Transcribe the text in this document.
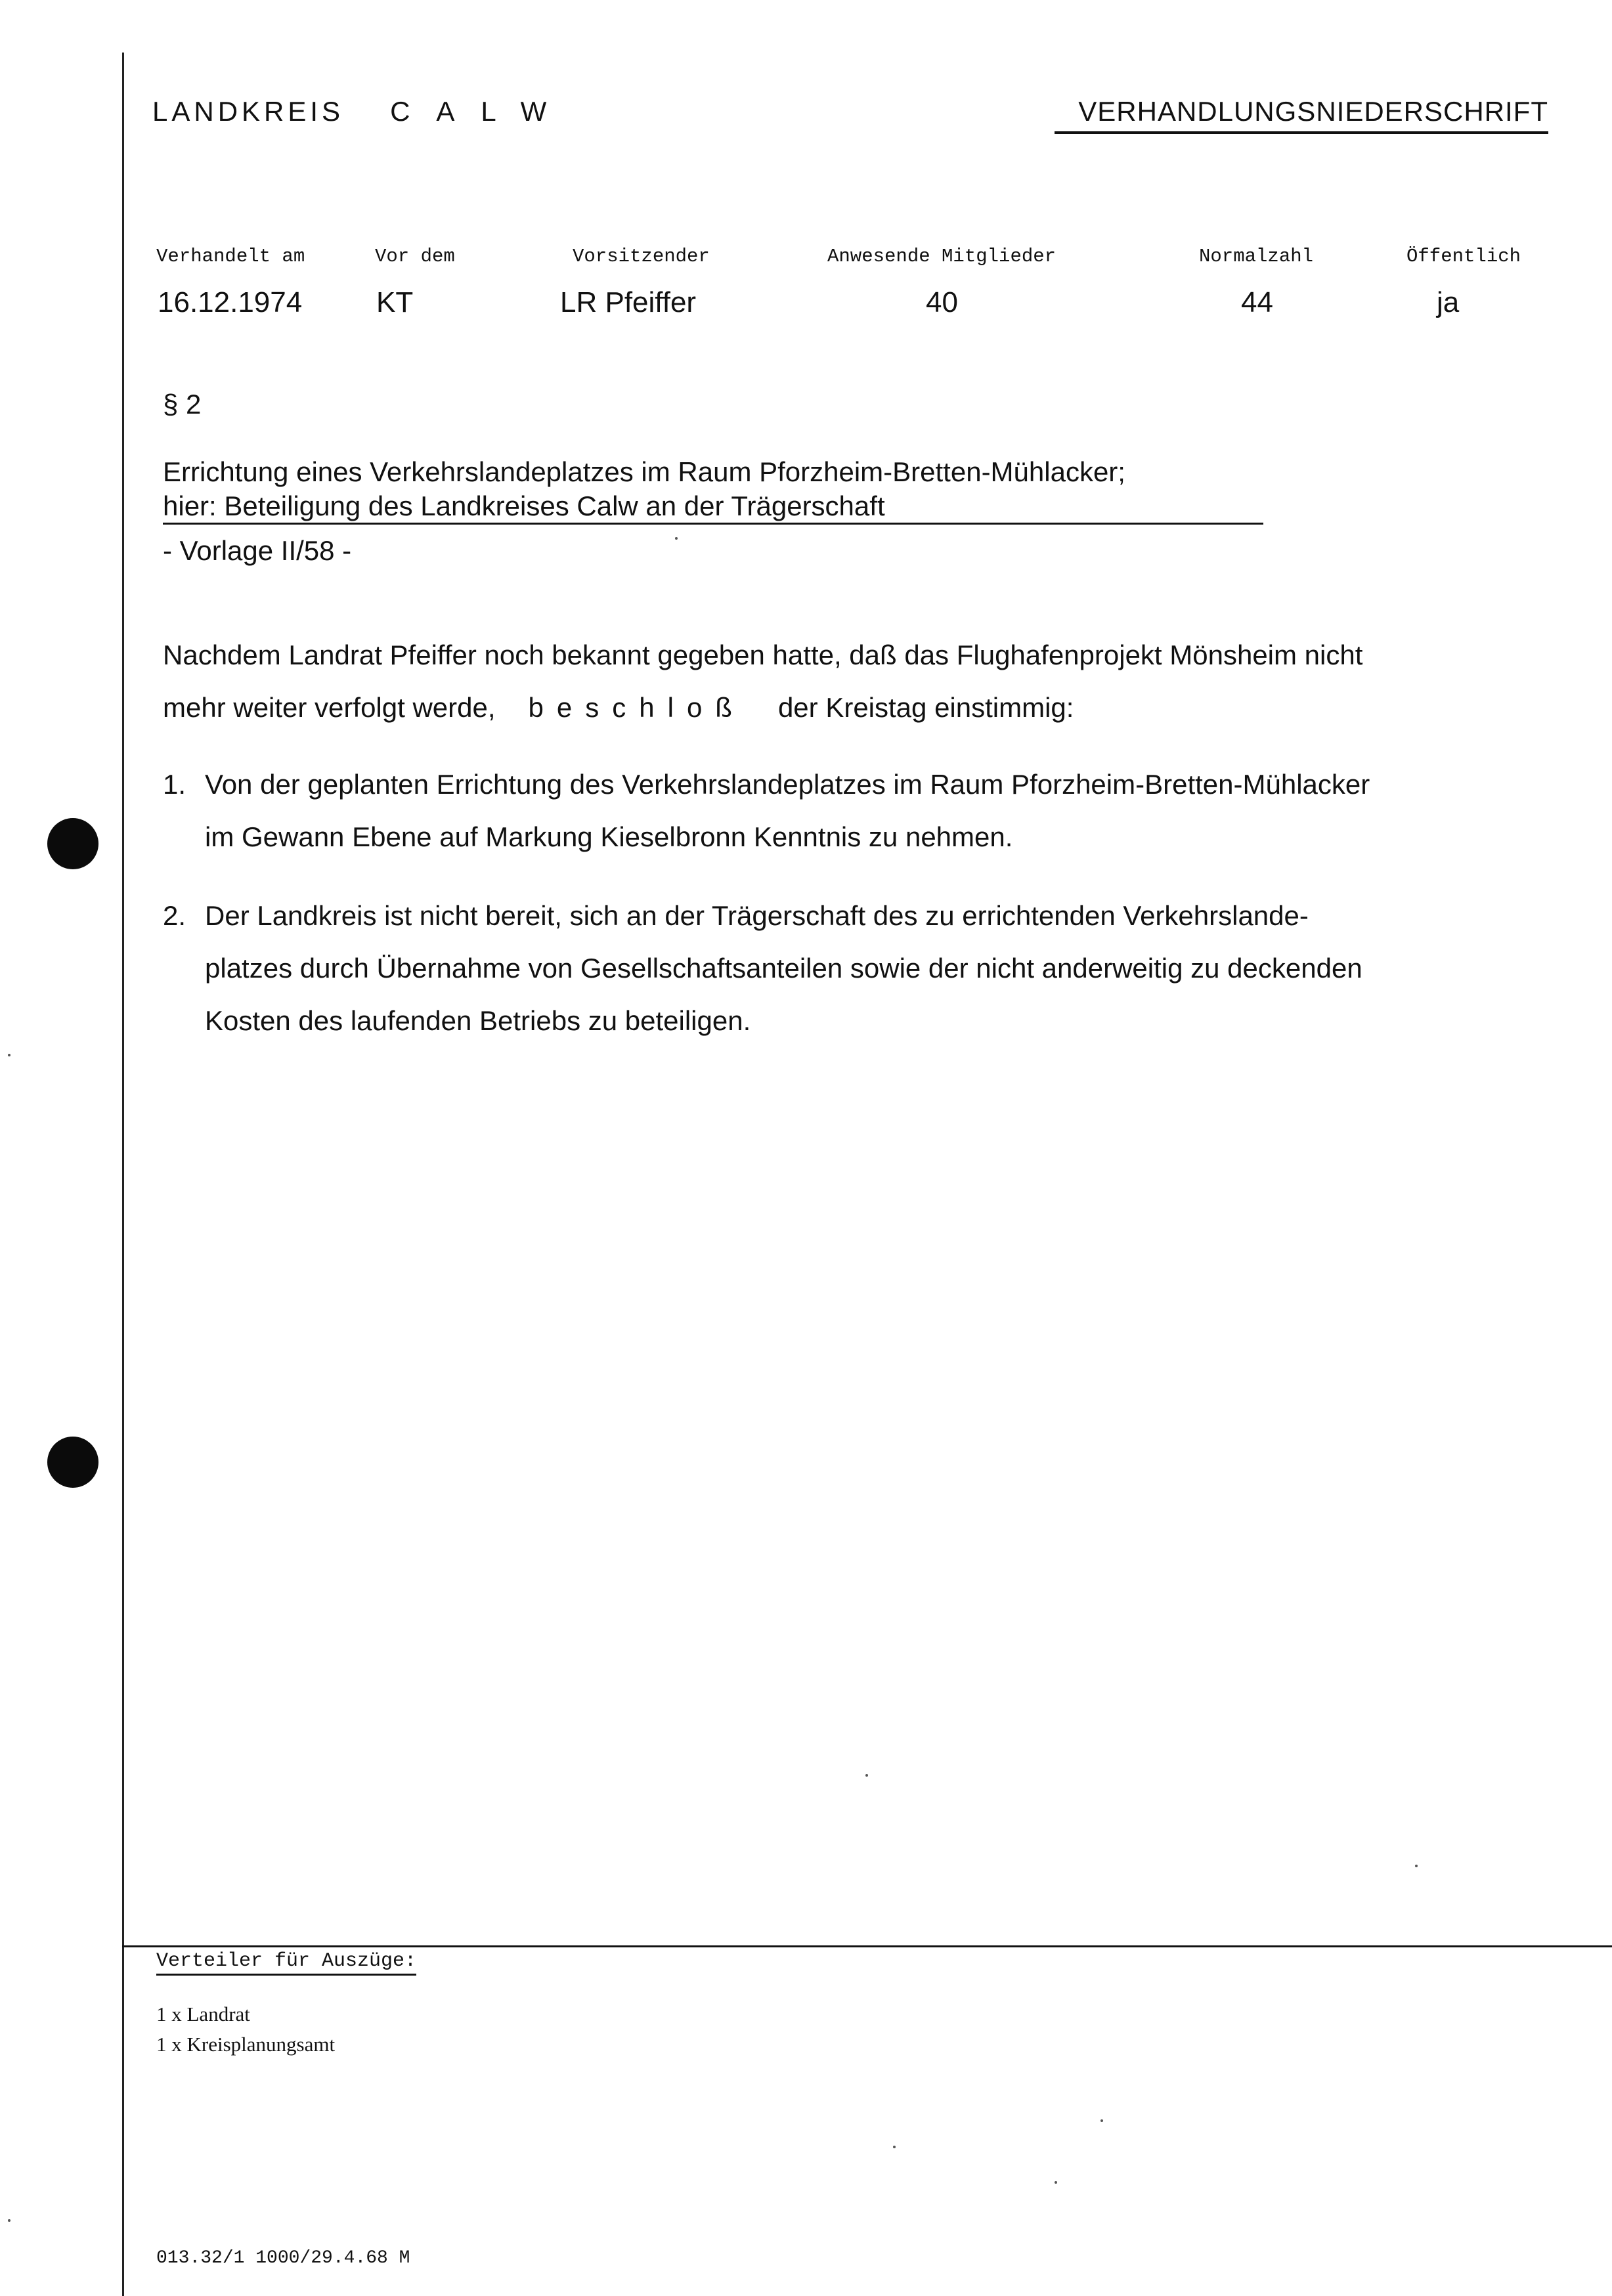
LANDKREIS CALW	VERHANDLUNGSNIEDERSCHRIFT
Verhandelt am	Vor dem	Vorsitzender	Anwesende Mitglieder	Normalzahl	Öffentlich
16.12.1974	KT	LR Pfeiffer	40	44	ja
§ 2
Errichtung eines Verkehrslandeplatzes im Raum Pforzheim-Bretten-Mühlacker;
hier: Beteiligung des Landkreises Calw an der Trägerschaft
- Vorlage II/58 -

Nachdem Landrat Pfeiffer noch bekannt gegeben hatte, daß das Flughafenprojekt Mönsheim nicht

mehr weiter verfolgt werde, beschloß der Kreistag einstimmig:

1. Von der geplanten Errichtung des Verkehrslandeplatzes im Raum Pforzheim-Bretten-Mühlacker
im Gewann Ebene auf Markung Kieselbronn Kenntnis zu nehmen.
2. Der Landkreis ist nicht bereit, sich an der Trägerschaft des zu errichtenden Verkehrslande-
platzes durch Übernahme von Gesellschaftsanteilen sowie der nicht anderweitig zu deckenden
Kosten des laufenden Betriebs zu beteiligen.
Verteiler für Auszüge:
1 x Landrat
1 x Kreisplanungsamt
013.32/1 1000/29.4.68 M
